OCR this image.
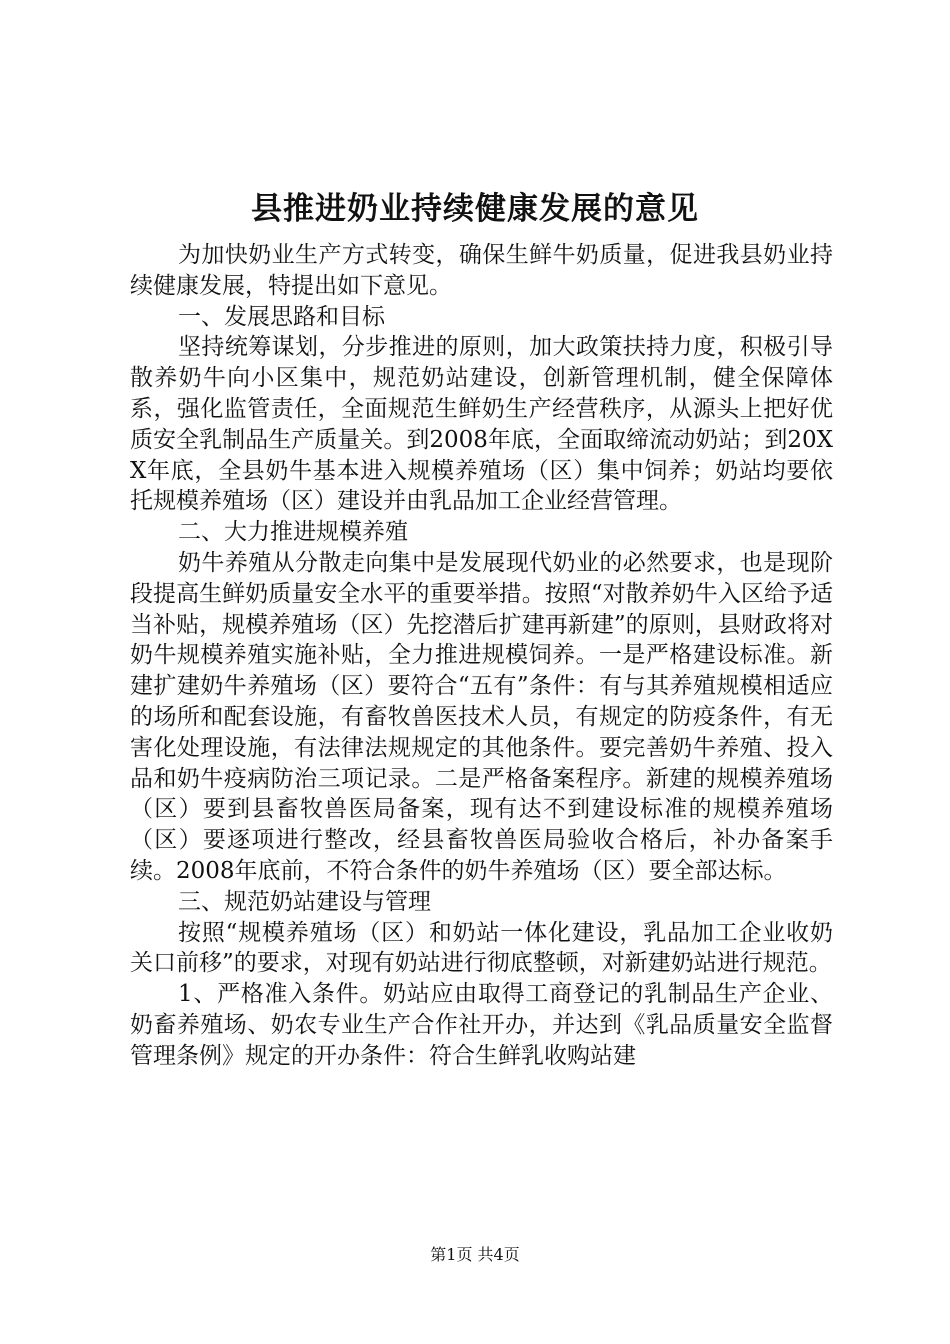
县推进奶业持续健康发展的意见

为加快奶业生产方式转变，确保生鲜牛奶质量，促进我县奶业持续健康发展，特提出如下意见。

一、发展思路和目标

坚持统筹谋划，分步推进的原则，加大政策扶持力度，积极引导散养奶牛向小区集中，规范奶站建设，创新管理机制，健全保障体系，强化监管责任，全面规范生鲜奶生产经营秩序，从源头上把好优质安全乳制品生产质量关。到2008年底，全面取缔流动奶站；到20XX年底，全县奶牛基本进入规模养殖场（区）集中饲养；奶站均要依托规模养殖场（区）建设并由乳品加工企业经营管理。

二、大力推进规模养殖

奶牛养殖从分散走向集中是发展现代奶业的必然要求，也是现阶段提高生鲜奶质量安全水平的重要举措。按照“对散养奶牛入区给予适当补贴，规模养殖场（区）先挖潜后扩建再新建”的原则，县财政将对奶牛规模养殖实施补贴，全力推进规模饲养。一是严格建设标准。新建扩建奶牛养殖场（区）要符合“五有”条件：有与其养殖规模相适应的场所和配套设施，有畜牧兽医技术人员，有规定的防疫条件，有无害化处理设施，有法律法规规定的其他条件。要完善奶牛养殖、投入品和奶牛疫病防治三项记录。二是严格备案程序。新建的规模养殖场（区）要到县畜牧兽医局备案，现有达不到建设标准的规模养殖场（区）要逐项进行整改，经县畜牧兽医局验收合格后，补办备案手续。2008年底前，不符合条件的奶牛养殖场（区）要全部达标。

三、规范奶站建设与管理

按照“规模养殖场（区）和奶站一体化建设，乳品加工企业收奶关口前移”的要求，对现有奶站进行彻底整顿，对新建奶站进行规范。

1、严格准入条件。奶站应由取得工商登记的乳制品生产企业、奶畜养殖场、奶农专业生产合作社开办，并达到《乳品质量安全监督管理条例》规定的开办条件：符合生鲜乳收购站建

第1页 共4页
